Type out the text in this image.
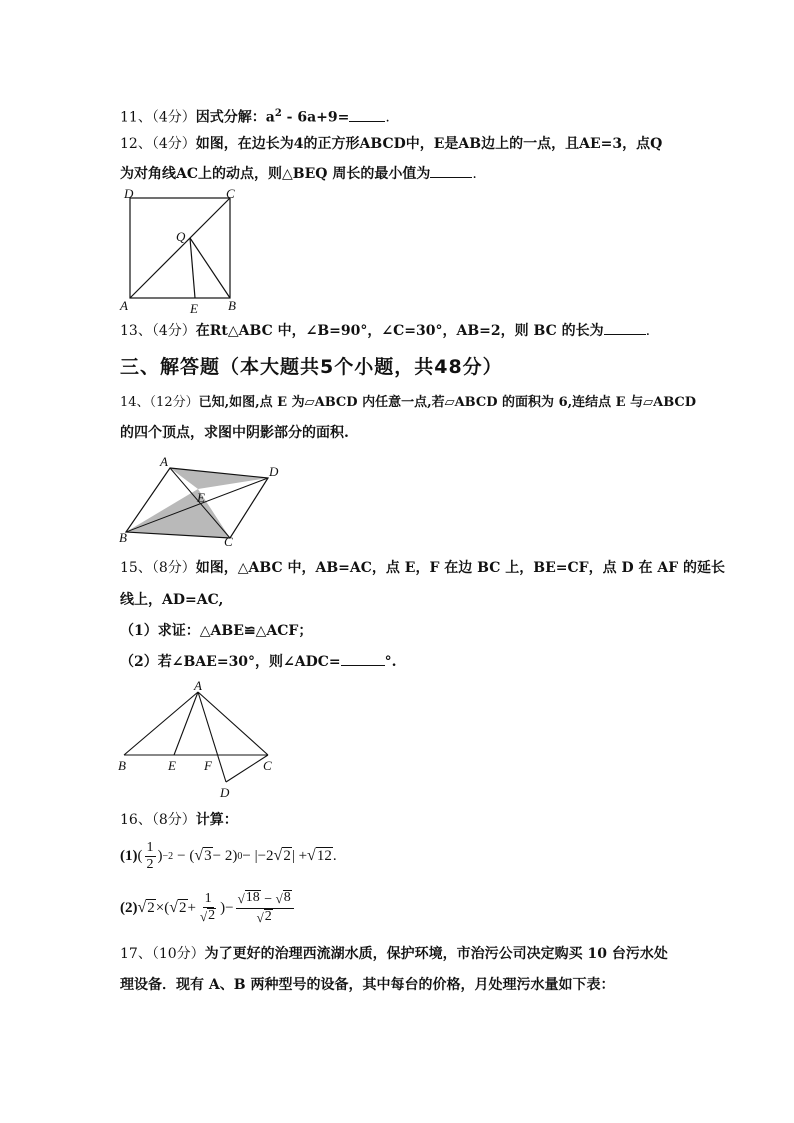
11、（4分）因式分解：$a^2 - 6a+9=$	.
12、（4分）如图，在边长为4的正方形ABCD中，E是AB边上的一点，且AE=3，点Q
为对角线AC上的动点，则△BEQ 周长的最小值为	.
D	C
Q
A	E B
13、（4分）在Rt△ABC 中，∠B=90°，∠C=30°，AB=2，则 BC 的长为	.
三、解答题（本大题共5个小题，共48分）
14、（12分）已知,如图,点 E 为▱ABCD 内任意一点,若▱ABCD 的面积为 6,连结点 E 与▱ABCD
的四个顶点，求图中阴影部分的面积.
A
D
E
B	C
15、（8分）如图，△ABC 中，AB=AC，点 E，F 在边 BC 上，BE=CF，点 D 在 AF 的延长
线上，AD=AC,
（1）求证：△ABE≌△ACF；
（2）若∠BAE=30°，则∠ADC=	°.
A
B	E F	C
D
16、（8分）计算：
(1) ( $\frac{1}{2}$ ) −2 − ( √ 3 − 2) 0 − |−2 √ 2 | + √ 12 .
(2) √ 2 ×( √ $2 + \frac{1}{√ 2}$ )− $\frac{√ 18 - √ 8}{√ 2}$
17、（10分）为了更好的治理西流湖水质，保护环境，市治污公司决定购买 10 台污水处
理设备．现有 A、B 两种型号的设备，其中每台的价格，月处理污水量如下表：
